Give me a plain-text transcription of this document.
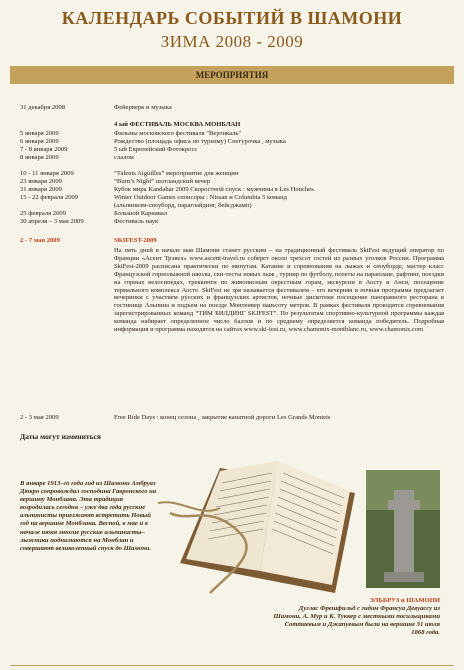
КАЛЕНДАРЬ СОБЫТИЙ В ШАМОНИ
ЗИМА 2008 - 2009
МЕРОПРИЯТИЯ
31 декабря 2008	Фейерверк и музыка
4 ый ФЕСТИВАЛЬ МОСКВА МОНБЛАН
5 января 2009	Фильмы московского фестиваля "Вертикаль"
6 января 2009	Рождество (площадь офиса по туризму) Снегурочка , музыка
7 - 8 января 2009	5 ый Европейский Фотокросс
8 января 2009	слалом
10 - 11 января 2009	“Talents Aiguilles” мероприятие для женщин
23 января 2009	“Burn’s Night” шотландский вечер
31 января 2009	Кубок мира Kandahar 2009 Скоростной спуск : мужчины в Les Houches.
15 - 22 февраля 2009	Winter Outdoor Games спонсоры : Nissan и Columbia 5 команд
(альпинизм-сноуборд, параглайдинг, бейсджамп)
25 февраля 2009	Большой Карнавал
30 апреля – 3 мая 2009	Фестиваль наук
2 - 7 мая 2009	SKIFEST-2009
На пять дней в начале мая Шамони станет русским – на традиционный фестиваль SkiFest ведущий оператор по Франции «Асент Трэвел» www.ascent-travel.ru соберет около трехсот гостей из разных уголков России. Программа SkiFest-2009 расписана практически по минутам. Катание и соревнования на лыжах и сноуборде, мастер класс Французской горнолыжной школы, ски-тесты новых лыж , турнир по футболу, полеты на параплане, рафтинг, поездки на горных велосипедах, треккинги по живописным окрестным горам, экскурсии в Аосту и Анси, посещение термального комплекса Аосте. SkiFest не зря называется фестивалем – его вечерняя и ночная программа предлагает вечеринки с участием русских и французских артистов, ночные дискотеки посещение панорамного ресторана в гостинице Альпина и подъем на поезде Монтенвер наиьсоту метров. В рамках фестиваля проводятся соревнования зарегистрированных команд “ТИМ БИЛДИНГ SKIFEST”. По результатам спортивно-культурной программы каждая команда набирает определенное число баллов и по среднему определяется команда победитель. Подробная информация и программа находятся на сайтах www.ski-fest.ru, www.chamonix-montblanc.ru, www.chamonix.com
2 - 3 мая 2009	Free Ride Days : конец сезона , закрытие канатной дороги Les Grands Montets
Даты могут измениться
В январе 1913–го года гид из Шамони Амбруаз Дюкро сопровождал господина Гавронского на вершину Монблана. Эта традиция возродилась сегодня – уже два года русские альпинисты приезжают встретить Новый год на вершине Монблана. Весной, в мае и в начале июня многие русские альпинисты–лыжники поднимаются на Монблан и совершают великолепный спуск до Шамони.
ЭЛЬБРУЗ и ШАМОНИ
Дуглас Фрешфильд с гидом Франсуа Девуассу из Шамони, А. Мур и К. Туккер с местными посильщиками Соттаевым и Джапуевым были на вершине 31 июля 1868 года.
